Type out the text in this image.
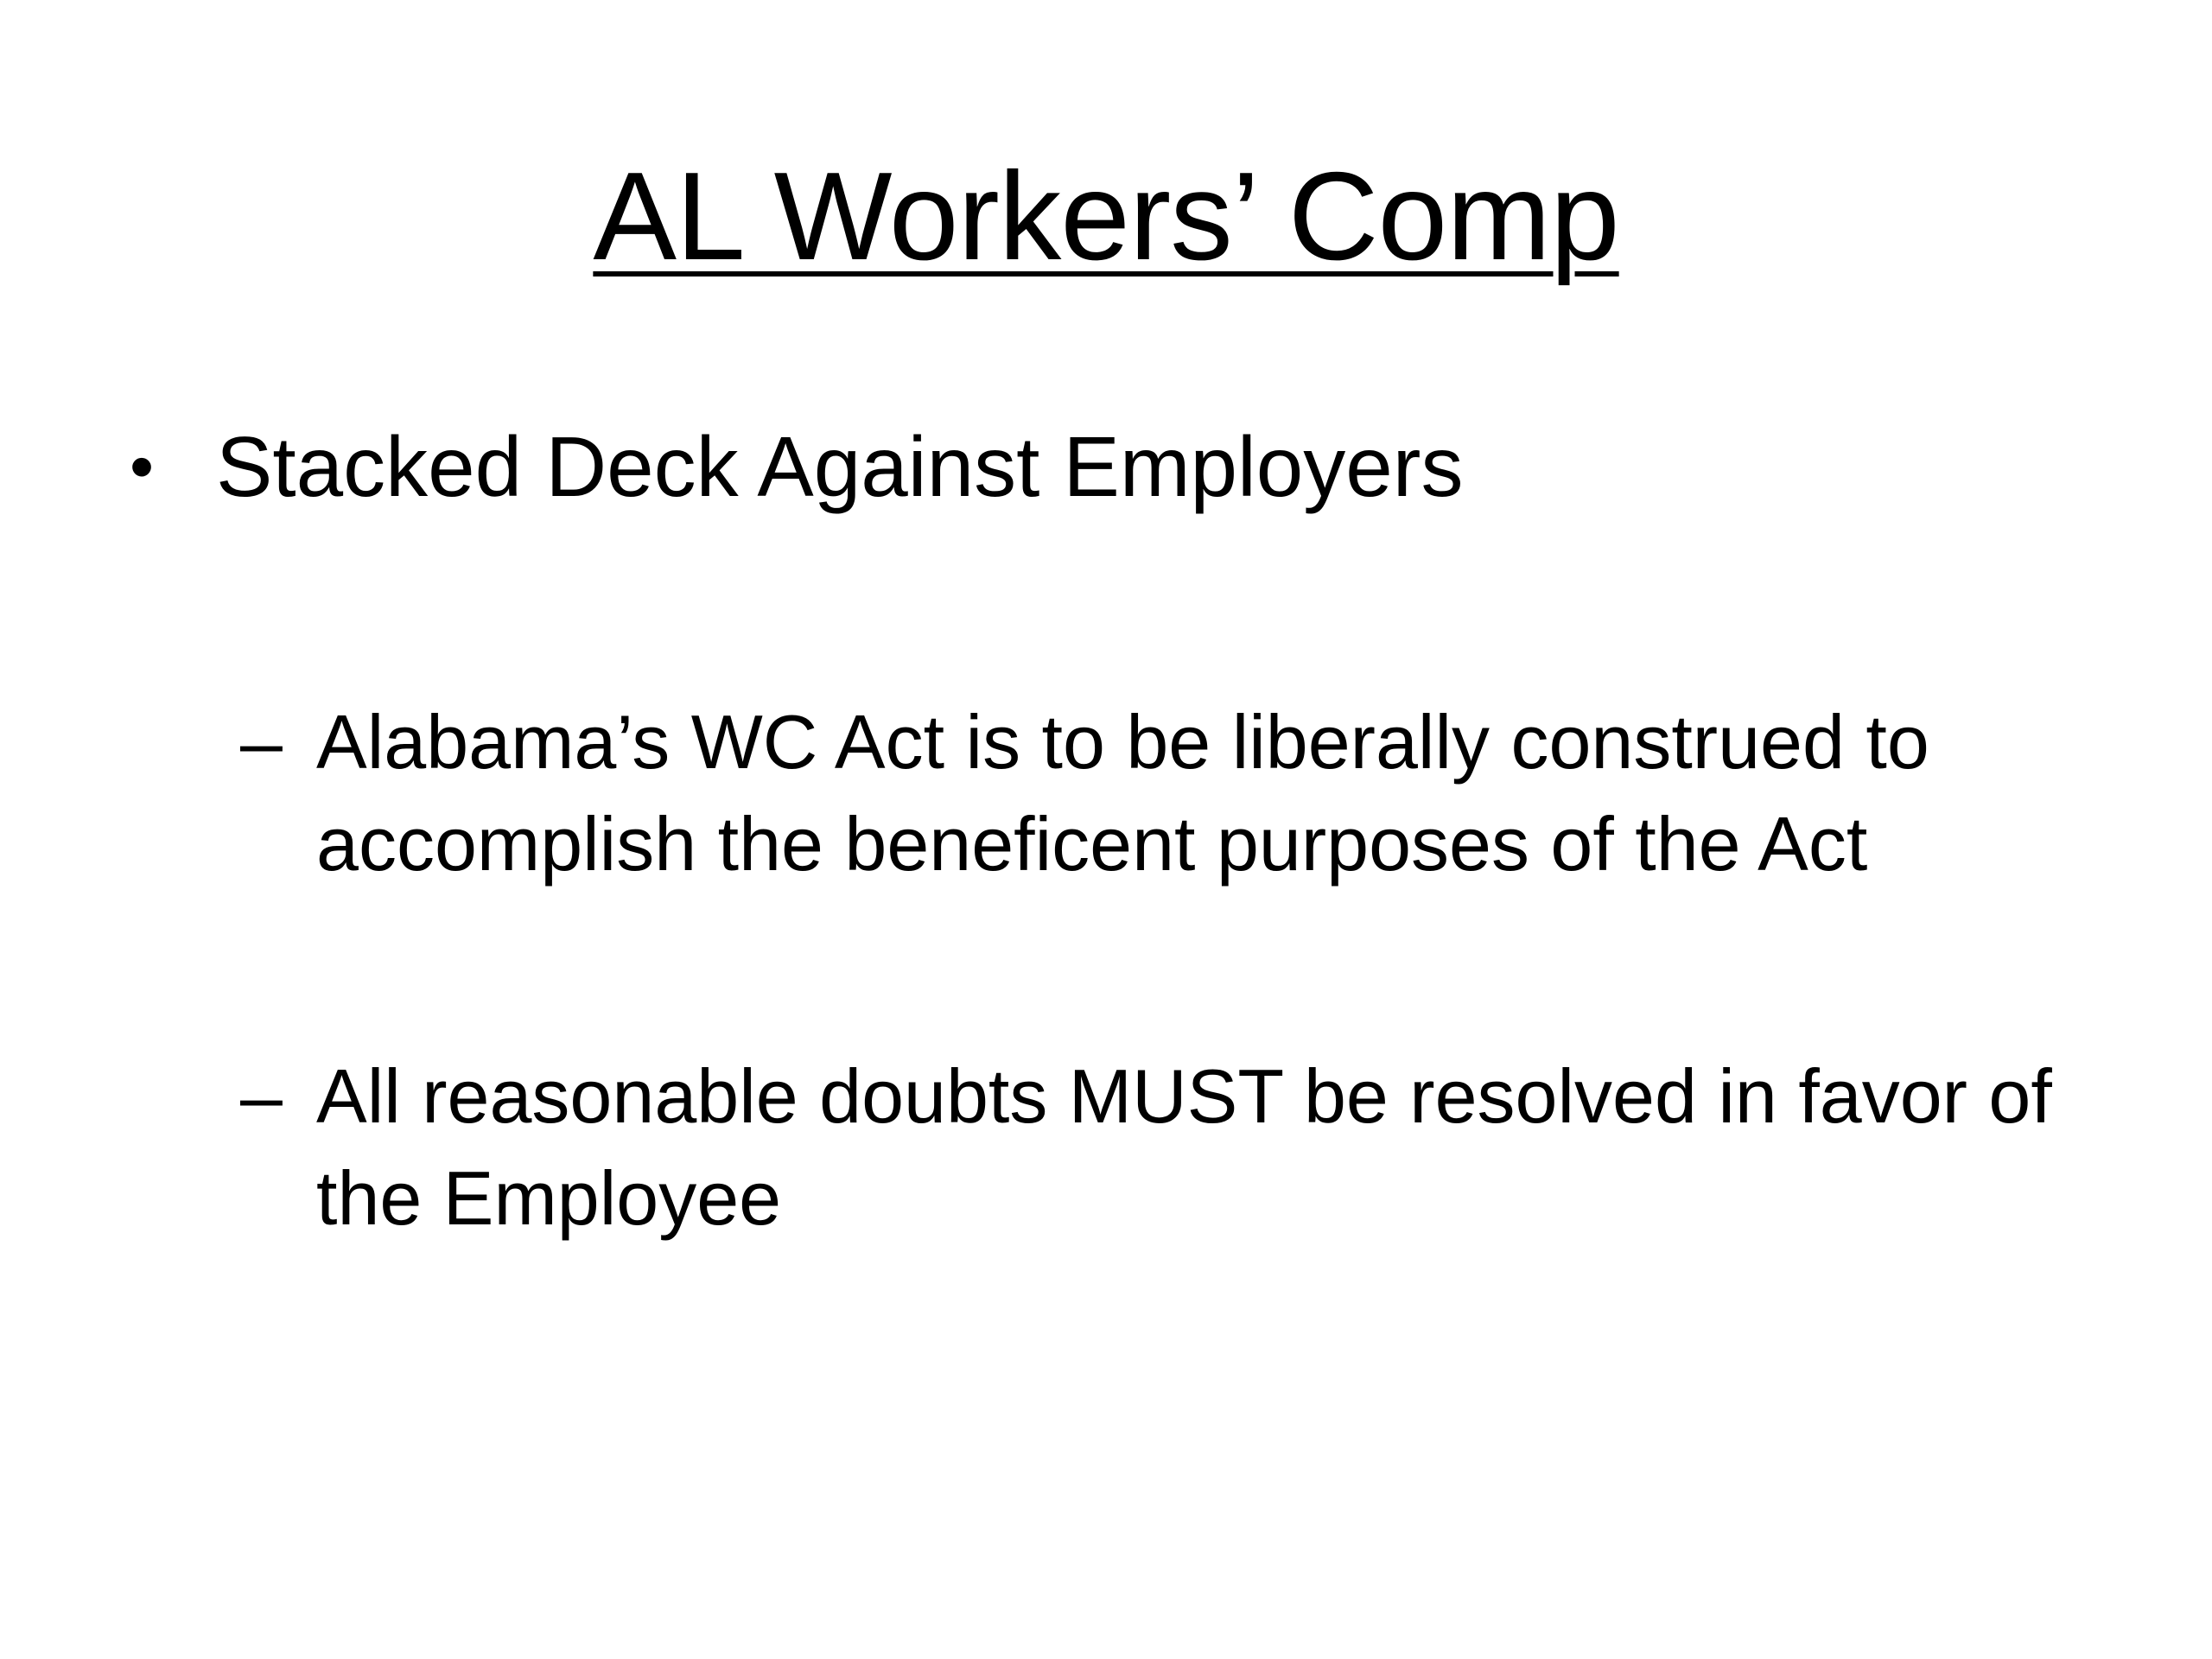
AL Workers’ Comp
• Stacked Deck Against Employers
– Alabama’s WC Act is to be liberally construed to accomplish the beneficent purposes of the Act
– All reasonable doubts MUST be resolved in favor of the Employee
